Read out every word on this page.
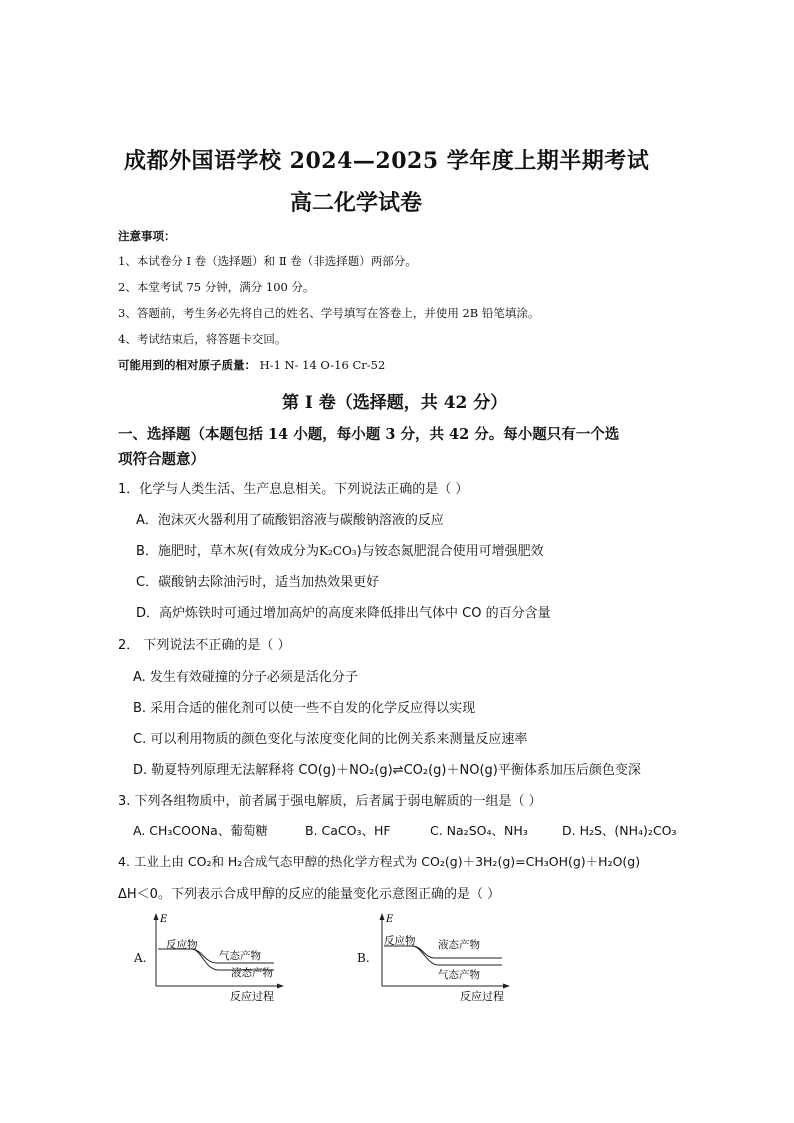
成都外国语学校 2024—2025 学年度上期半期考试
高二化学试卷
注意事项：
1、本试卷分 Ⅰ 卷（选择题）和 Ⅱ 卷（非选择题）两部分。
2、本堂考试 75 分钟，满分 100 分。
3、答题前，考生务必先将自己的姓名、学号填写在答卷上，并使用 2B 铅笔填涂。
4、考试结束后，将答题卡交回。
可能用到的相对原子质量： H-1 N- 14 O-16 Cr-52
第 Ⅰ 卷（选择题，共 42 分）
一、选择题（本题包括 14 小题，每小题 3 分，共 42 分。每小题只有一个选
项符合题意）
1．化学与人类生活、生产息息相关。下列说法正确的是（ ）
A．泡沫灭火器利用了硫酸铝溶液与碳酸钠溶液的反应
B．施肥时，草木灰(有效成分为K₂CO₃)与铵态氮肥混合使用可增强肥效
C．碳酸钠去除油污时，适当加热效果更好
D．高炉炼铁时可通过增加高炉的高度来降低排出气体中 CO 的百分含量
2． 下列说法不正确的是（ ）
A. 发生有效碰撞的分子必须是活化分子
B. 采用合适的催化剂可以使一些不自发的化学反应得以实现
C. 可以利用物质的颜色变化与浓度变化间的比例关系来测量反应速率
D. 勒夏特列原理无法解释将 CO(g)＋NO₂(g)⇌CO₂(g)＋NO(g)平衡体系加压后颜色变深
3. 下列各组物质中，前者属于强电解质，后者属于弱电解质的一组是（ ）
A. CH₃COONa、葡萄糖	B. CaCO₃、HF	C. Na₂SO₄、NH₃	D. H₂S、(NH₄)₂CO₃
4. 工业上由 CO₂和 H₂合成气态甲醇的热化学方程式为 CO₂(g)＋3H₂(g)=CH₃OH(g)＋H₂O(g)
ΔH＜0。下列表示合成甲醇的反应的能量变化示意图正确的是（ ）
A.
E
反应物
气态产物
液态产物
反应过程
B.
E
反应物 液态产物
气态产物
反应过程
